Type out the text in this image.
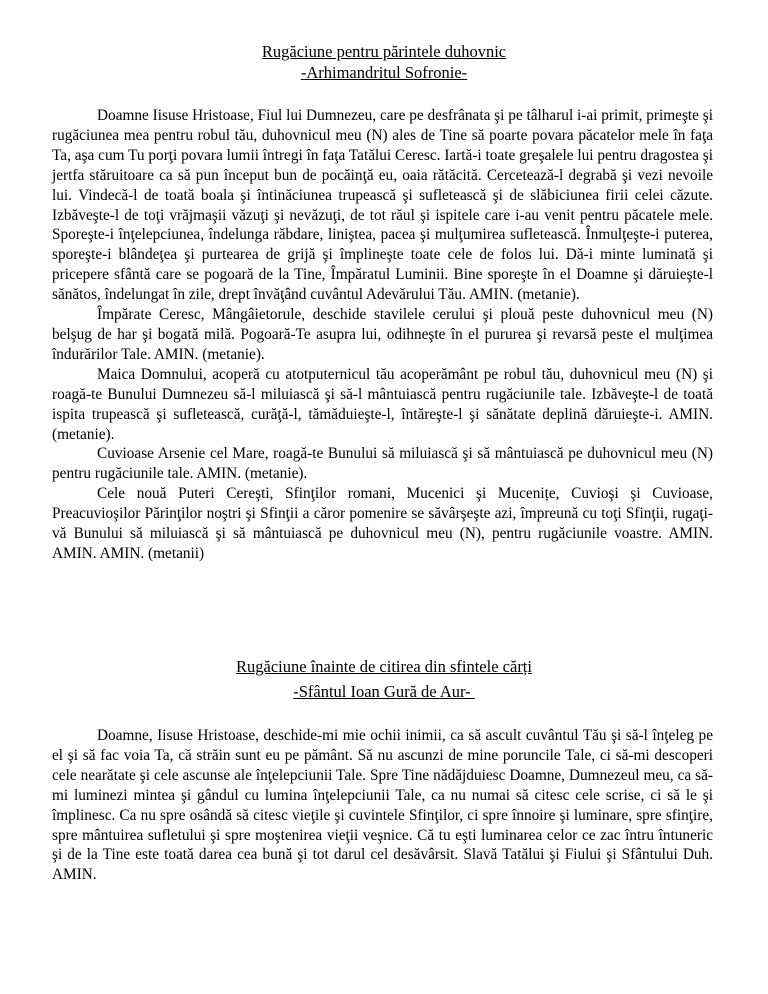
Rugăciune pentru părintele duhovnic
-Arhimandritul Sofronie-

Doamne Iisuse Hristoase, Fiul lui Dumnezeu, care pe desfrânata şi pe tâlharul i-ai primit, primeşte şi rugăciunea mea pentru robul tău, duhovnicul meu (N) ales de Tine să poarte povara păcatelor mele în faţa Ta, aşa cum Tu porţi povara lumii întregi în faţa Tatălui Ceresc. Iartă-i toate greşalele lui pentru dragostea şi jertfa stăruitoare ca să pun început bun de pocăinţă eu, oaia rătăcită. Cercetează-l degrabă şi vezi nevoile lui. Vindecă-l de toată boala şi întinăciunea trupească şi sufletească şi de slăbiciunea firii celei căzute. Izbăveşte-l de toţi vrăjmaşii văzuţi şi nevăzuţi, de tot răul şi ispitele care i-au venit pentru păcatele mele. Sporeşte-i înţelepciunea, îndelunga răbdare, liniştea, pacea şi mulţumirea sufletească. Înmulţeşte-i puterea, sporeşte-i blândeţea şi purtearea de grijă şi împlineşte toate cele de folos lui. Dă-i minte luminată şi pricepere sfântă care se pogoară de la Tine, Împăratul Luminii. Bine sporeşte în el Doamne şi dăruieşte-l sănătos, îndelungat în zile, drept învăţând cuvântul Adevărului Tău. AMIN. (metanie).

Împărate Ceresc, Mângâietorule, deschide stavilele cerului şi plouă peste duhovnicul meu (N) belşug de har şi bogată milă. Pogoară-Te asupra lui, odihneşte în el pururea şi revarsă peste el mulţimea îndurărilor Tale. AMIN. (metanie).

Maica Domnului, acoperă cu atotputernicul tău acoperământ pe robul tău, duhovnicul meu (N) şi roagă-te Bunului Dumnezeu să-l miluiască şi să-l mântuiască pentru rugăciunile tale. Izbăveşte-l de toată ispita trupească şi sufletească, curăţă-l, tămăduieşte-l, întăreşte-l şi sănătate deplină dăruieşte-i. AMIN. (metanie).

Cuvioase Arsenie cel Mare, roagă-te Bunului să miluiască şi să mântuiască pe duhovnicul meu (N) pentru rugăciunile tale. AMIN. (metanie).

Cele nouă Puteri Cereşti, Sfinţilor romani, Mucenici şi Mucenițe, Cuvioşi şi Cuvioase, Preacuvioşilor Părinţilor noştri şi Sfinţii a căror pomenire se săvârşeşte azi, împreună cu toţi Sfinţii, rugaţi-vă Bunului să miluiască şi să mântuiască pe duhovnicul meu (N), pentru rugăciunile voastre. AMIN. AMIN. AMIN. (metanii)

Rugăciune înainte de citirea din sfintele cărți
-Sfântul Ioan Gură de Aur-

Doamne, Iisuse Hristoase, deschide-mi mie ochii inimii, ca să ascult cuvântul Tău şi să-l înţeleg pe el şi să fac voia Ta, că străin sunt eu pe pământ. Să nu ascunzi de mine poruncile Tale, ci să-mi descoperi cele nearătate şi cele ascunse ale înţelepciunii Tale. Spre Tine nădăjduiesc Doamne, Dumnezeul meu, ca să-mi luminezi mintea şi gândul cu lumina înţelepciunii Tale, ca nu numai să citesc cele scrise, ci să le şi împlinesc. Ca nu spre osândă să citesc vieţile şi cuvintele Sfinţilor, ci spre înnoire şi luminare, spre sfinţire, spre mântuirea sufletului şi spre moştenirea vieţii veşnice. Că tu eşti luminarea celor ce zac întru întuneric şi de la Tine este toată darea cea bună şi tot darul cel desăvârsit. Slavă Tatălui şi Fiului şi Sfântului Duh. AMIN.
